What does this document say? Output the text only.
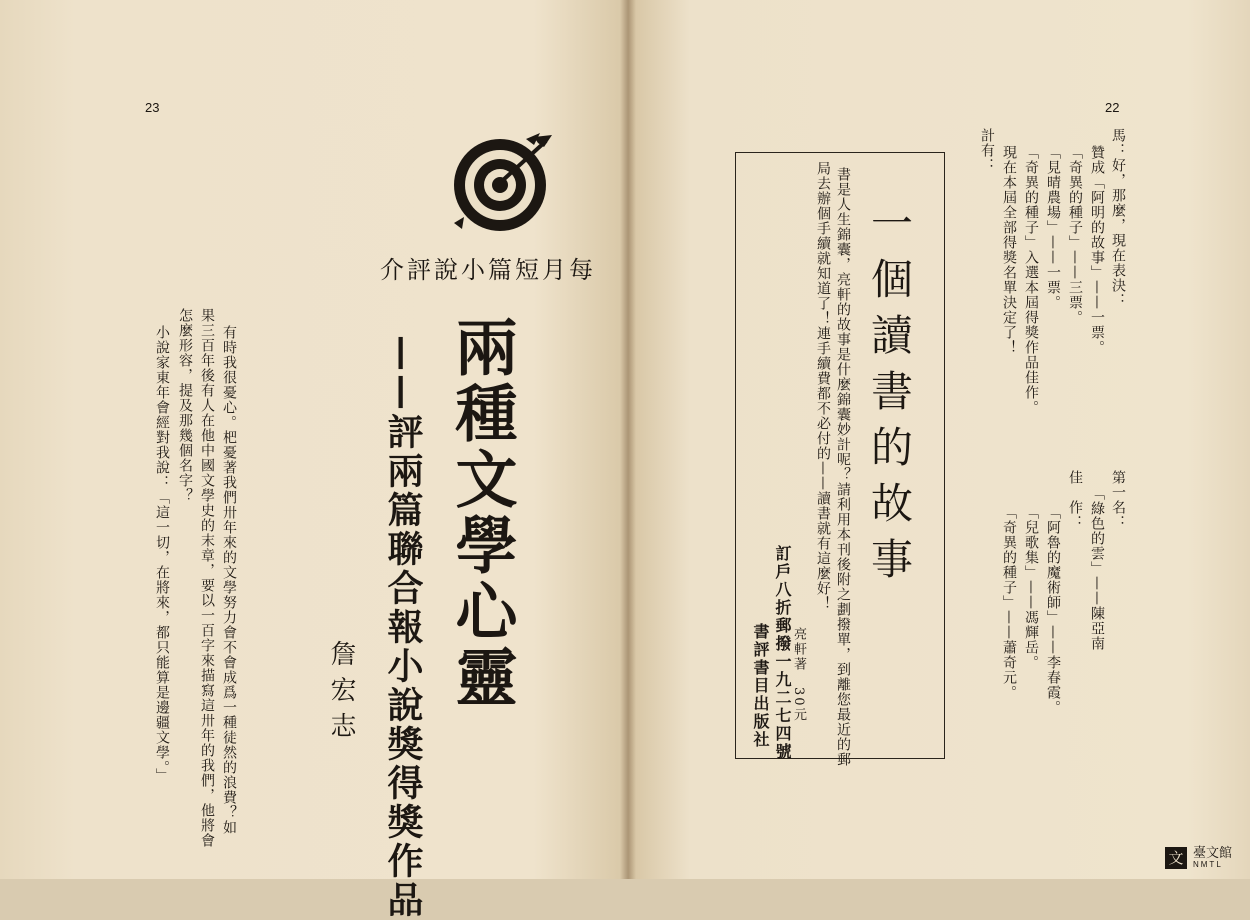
23
每月短篇小說評介
兩種文學心靈
——評兩篇聯合報小說獎得獎作品
詹宏志
有時我很憂心。杷憂著我們卅年來的文學努力會不會成爲一種徒然的浪費？如
果三百年後有人在他中國文學史的末章，要以一百字來描寫這卅年的我們，他將會
怎麼形容，提及那幾個名字？
小說家東年會經對我說：「這一切，在將來，都只能算是邊疆文學。」
22
馬：好，那麼，現在表決：
贊成「阿明的故事」——一票。
「奇異的種子」——三票。
「見晴農場」——一票。
「奇異的種子」入選本屆得獎作品佳作。
現在本屆全部得獎名單決定了！
計有：
第一名：
「綠色的雲」——陳亞南
佳　作：
「阿魯的魔術師」——李春霞。
「兒歌集」——馮輝岳。
「奇異的種子」——蕭奇元。
一個讀書的故事
書是人生錦囊，亮軒的故事是什麼錦囊妙計呢？請利用本刊後附之劃撥單，到離您最近的郵
局去辦個手續就知道了！連手續費都不必付的——讀書就有這麼好！
亮軒著　30元
訂戶八折郵撥一九二七四號
書評書目出版社
文 臺文館
NMTL
